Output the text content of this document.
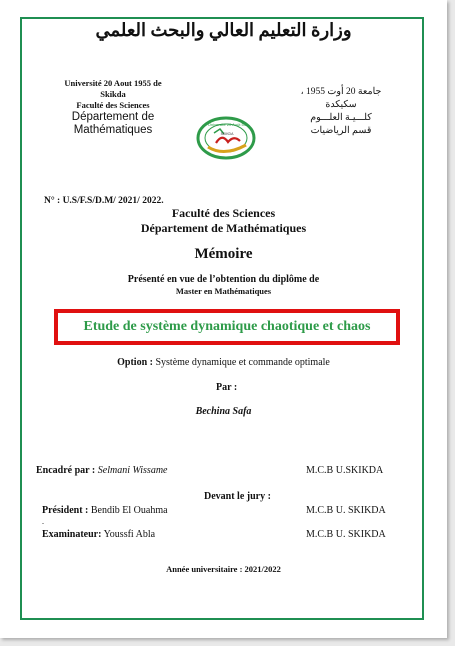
وزارة التعليم العالي والبحث العلمي
Université 20 Aout 1955 de
Skikda
Faculté des Sciences
Département de
Mathématiques	Université 20 Août 55
SKIKDA
جامعة 20 أوت 1955 ،
سكيكدة
كلـــيـة العلـــوم
قسم الرياضيات
N° : U.S/F.S/D.M/ 2021/ 2022.
Faculté des Sciences
Département de Mathématiques
Mémoire
Présenté en vue de l’obtention du diplôme de
Master en Mathématiques
Etude de système dynamique chaotique et chaos
Option : Système dynamique et commande optimale
Par :
Bechina Safa
Encadré par : Selmani Wissame	M.C.B U.SKIKDA
Devant le jury :
Président : Bendib El Ouahma	M.C.B U. SKIKDA
.
Examinateur: Youssfi Abla	M.C.B U. SKIKDA
Année universitaire : 2021/2022
